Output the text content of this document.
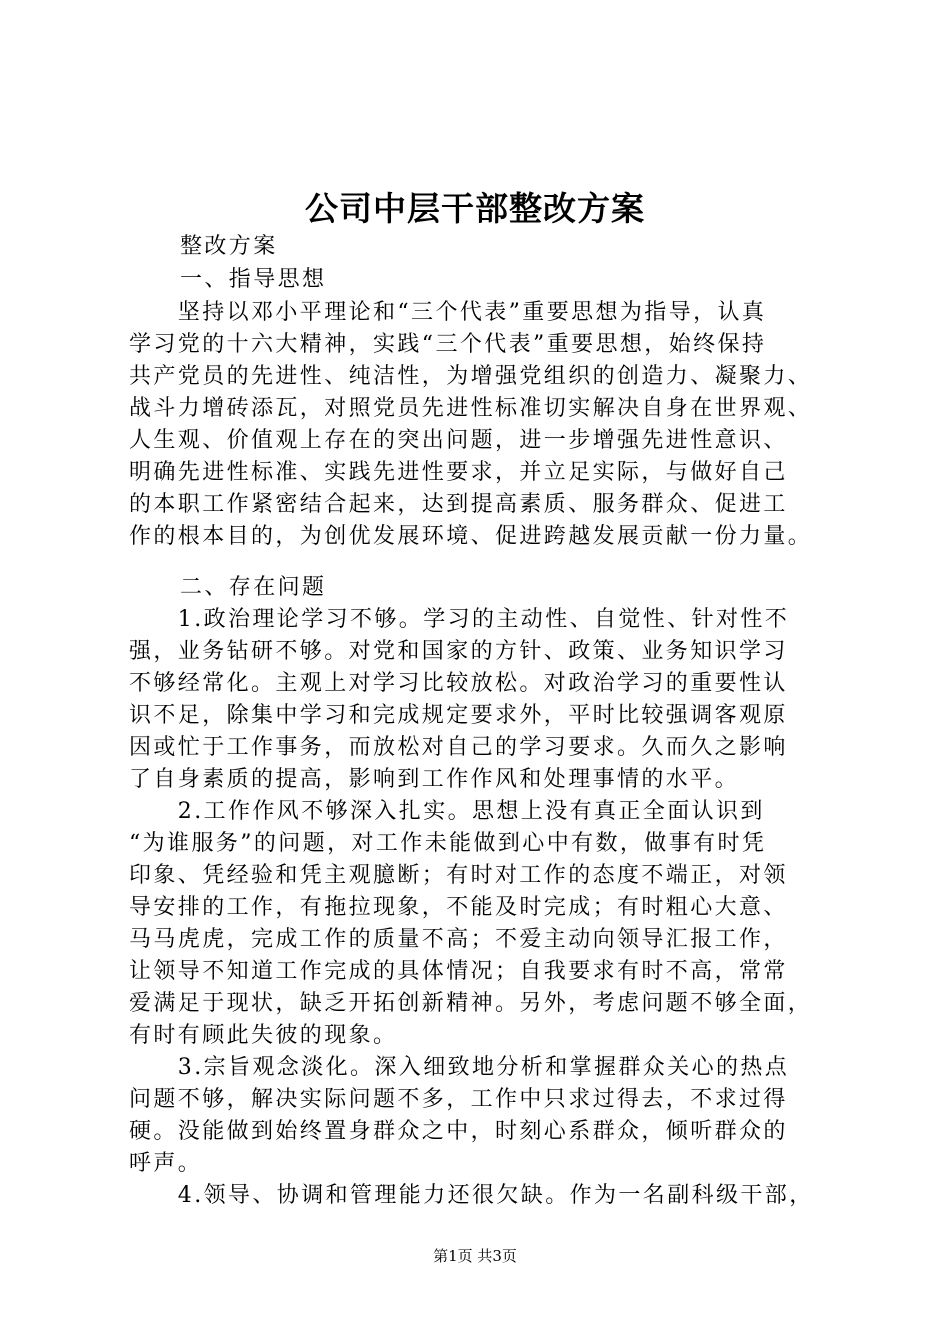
公司中层干部整改方案
整改方案
一、指导思想
　　坚持以邓小平理论和“三个代表”重要思想为指导，认真
学习党的十六大精神，实践“三个代表”重要思想，始终保持
共产党员的先进性、纯洁性，为增强党组织的创造力、凝聚力、
战斗力增砖添瓦，对照党员先进性标准切实解决自身在世界观、
人生观、价值观上存在的突出问题，进一步增强先进性意识、
明确先进性标准、实践先进性要求，并立足实际，与做好自己
的本职工作紧密结合起来，达到提高素质、服务群众、促进工
作的根本目的，为创优发展环境、促进跨越发展贡献一份力量。
二、存在问题
　　1.政治理论学习不够。学习的主动性、自觉性、针对性不
强，业务钻研不够。对党和国家的方针、政策、业务知识学习
不够经常化。主观上对学习比较放松。对政治学习的重要性认
识不足，除集中学习和完成规定要求外，平时比较强调客观原
因或忙于工作事务，而放松对自己的学习要求。久而久之影响
了自身素质的提高，影响到工作作风和处理事情的水平。
　　2.工作作风不够深入扎实。思想上没有真正全面认识到
“为谁服务”的问题，对工作未能做到心中有数，做事有时凭
印象、凭经验和凭主观臆断；有时对工作的态度不端正，对领
导安排的工作，有拖拉现象，不能及时完成；有时粗心大意、
马马虎虎，完成工作的质量不高；不爱主动向领导汇报工作，
让领导不知道工作完成的具体情况；自我要求有时不高，常常
爱满足于现状，缺乏开拓创新精神。另外，考虑问题不够全面，
有时有顾此失彼的现象。
　　3.宗旨观念淡化。深入细致地分析和掌握群众关心的热点
问题不够，解决实际问题不多，工作中只求过得去，不求过得
硬。没能做到始终置身群众之中，时刻心系群众，倾听群众的
呼声。
　　4.领导、协调和管理能力还很欠缺。作为一名副科级干部，
第1页 共3页
